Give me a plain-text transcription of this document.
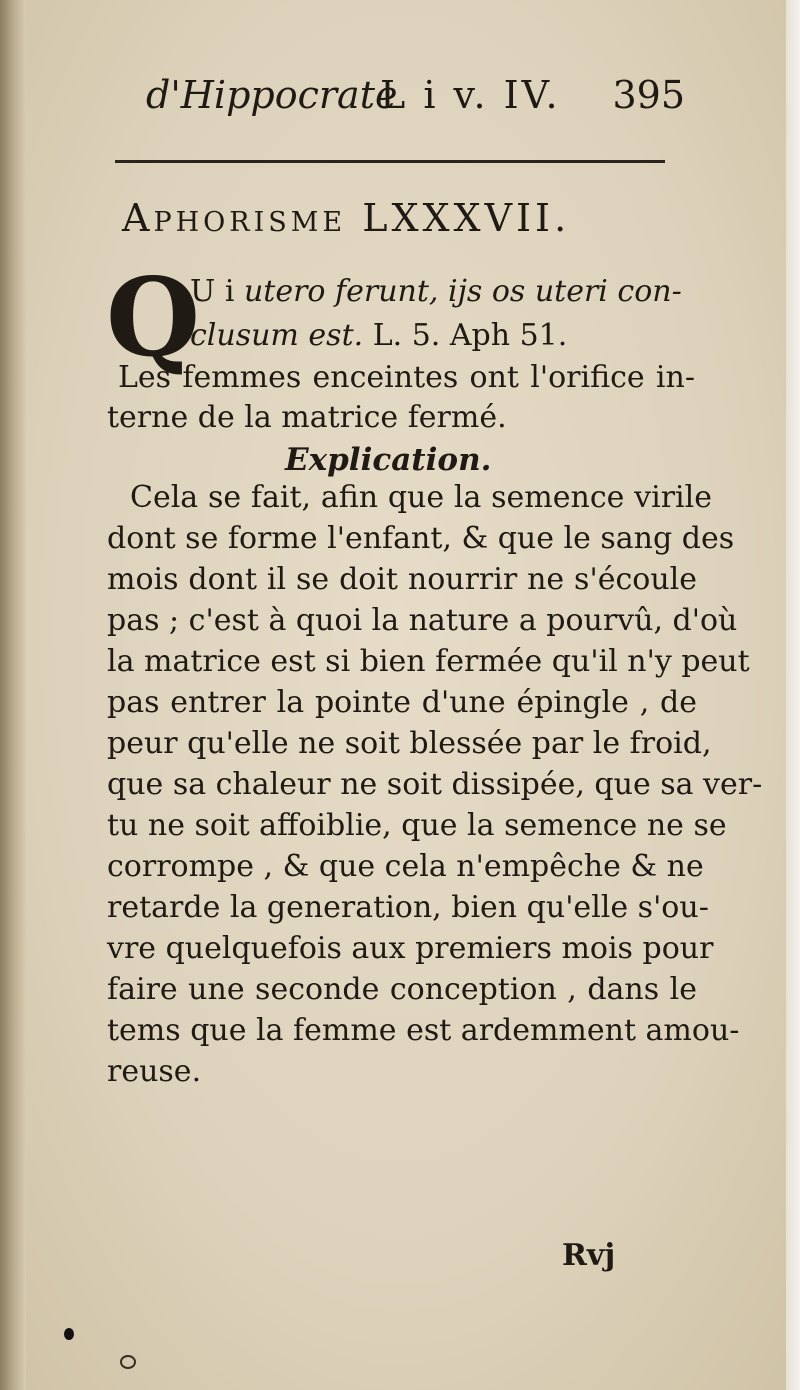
d'Hippocrate
L i v. IV. 395
Aphorisme LXXXVII.
Q
U i utero ferunt, ijs os uteri con-
clusum est. L. 5. Aph 51.
Les femmes enceintes ont l'orifice in-
terne de la matrice fermé.
Explication.
Cela se fait, afin que la semence virile
dont se forme l'enfant, & que le sang des
mois dont il se doit nourrir ne s'écoule
pas ; c'est à quoi la nature a pourvû, d'où
la matrice est si bien fermée qu'il n'y peut
pas entrer la pointe d'une épingle , de
peur qu'elle ne soit blessée par le froid,
que sa chaleur ne soit dissipée, que sa ver-
tu ne soit affoiblie, que la semence ne se
corrompe , & que cela n'empêche & ne
retarde la generation, bien qu'elle s'ou-
vre quelquefois aux premiers mois pour
faire une seconde conception , dans le
tems que la femme est ardemment amou-
reuse.
Rvj
